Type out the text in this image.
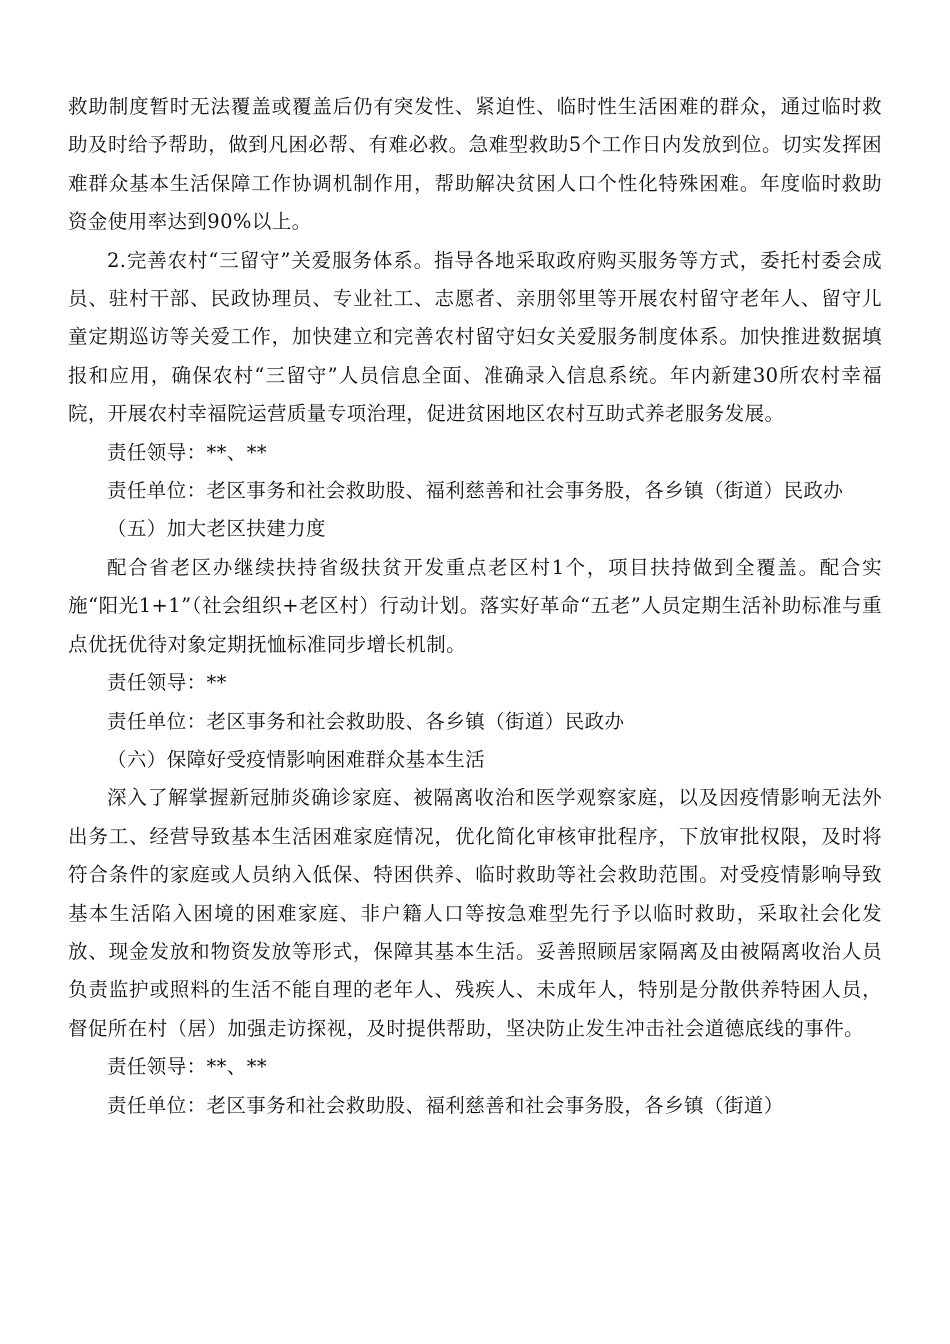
救助制度暂时无法覆盖或覆盖后仍有突发性、紧迫性、临时性生活困难的群众，通过临时救助及时给予帮助，做到凡困必帮、有难必救。急难型救助5个工作日内发放到位。切实发挥困难群众基本生活保障工作协调机制作用，帮助解决贫困人口个性化特殊困难。年度临时救助资金使用率达到90%以上。

2.完善农村“三留守”关爱服务体系。指导各地采取政府购买服务等方式，委托村委会成员、驻村干部、民政协理员、专业社工、志愿者、亲朋邻里等开展农村留守老年人、留守儿童定期巡访等关爱工作，加快建立和完善农村留守妇女关爱服务制度体系。加快推进数据填报和应用，确保农村“三留守”人员信息全面、准确录入信息系统。年内新建30所农村幸福院，开展农村幸福院运营质量专项治理，促进贫困地区农村互助式养老服务发展。

责任领导：**、**

责任单位：老区事务和社会救助股、福利慈善和社会事务股，各乡镇（街道）民政办

（五）加大老区扶建力度

配合省老区办继续扶持省级扶贫开发重点老区村1个，项目扶持做到全覆盖。配合实施“阳光1+1”（社会组织+老区村）行动计划。落实好革命“五老”人员定期生活补助标准与重点优抚优待对象定期抚恤标准同步增长机制。

责任领导：**

责任单位：老区事务和社会救助股、各乡镇（街道）民政办

（六）保障好受疫情影响困难群众基本生活

深入了解掌握新冠肺炎确诊家庭、被隔离收治和医学观察家庭，以及因疫情影响无法外出务工、经营导致基本生活困难家庭情况，优化简化审核审批程序，下放审批权限，及时将符合条件的家庭或人员纳入低保、特困供养、临时救助等社会救助范围。对受疫情影响导致基本生活陷入困境的困难家庭、非户籍人口等按急难型先行予以临时救助，采取社会化发放、现金发放和物资发放等形式，保障其基本生活。妥善照顾居家隔离及由被隔离收治人员负责监护或照料的生活不能自理的老年人、残疾人、未成年人，特别是分散供养特困人员，督促所在村（居）加强走访探视，及时提供帮助，坚决防止发生冲击社会道德底线的事件。

责任领导：**、**

责任单位：老区事务和社会救助股、福利慈善和社会事务股，各乡镇（街道）
